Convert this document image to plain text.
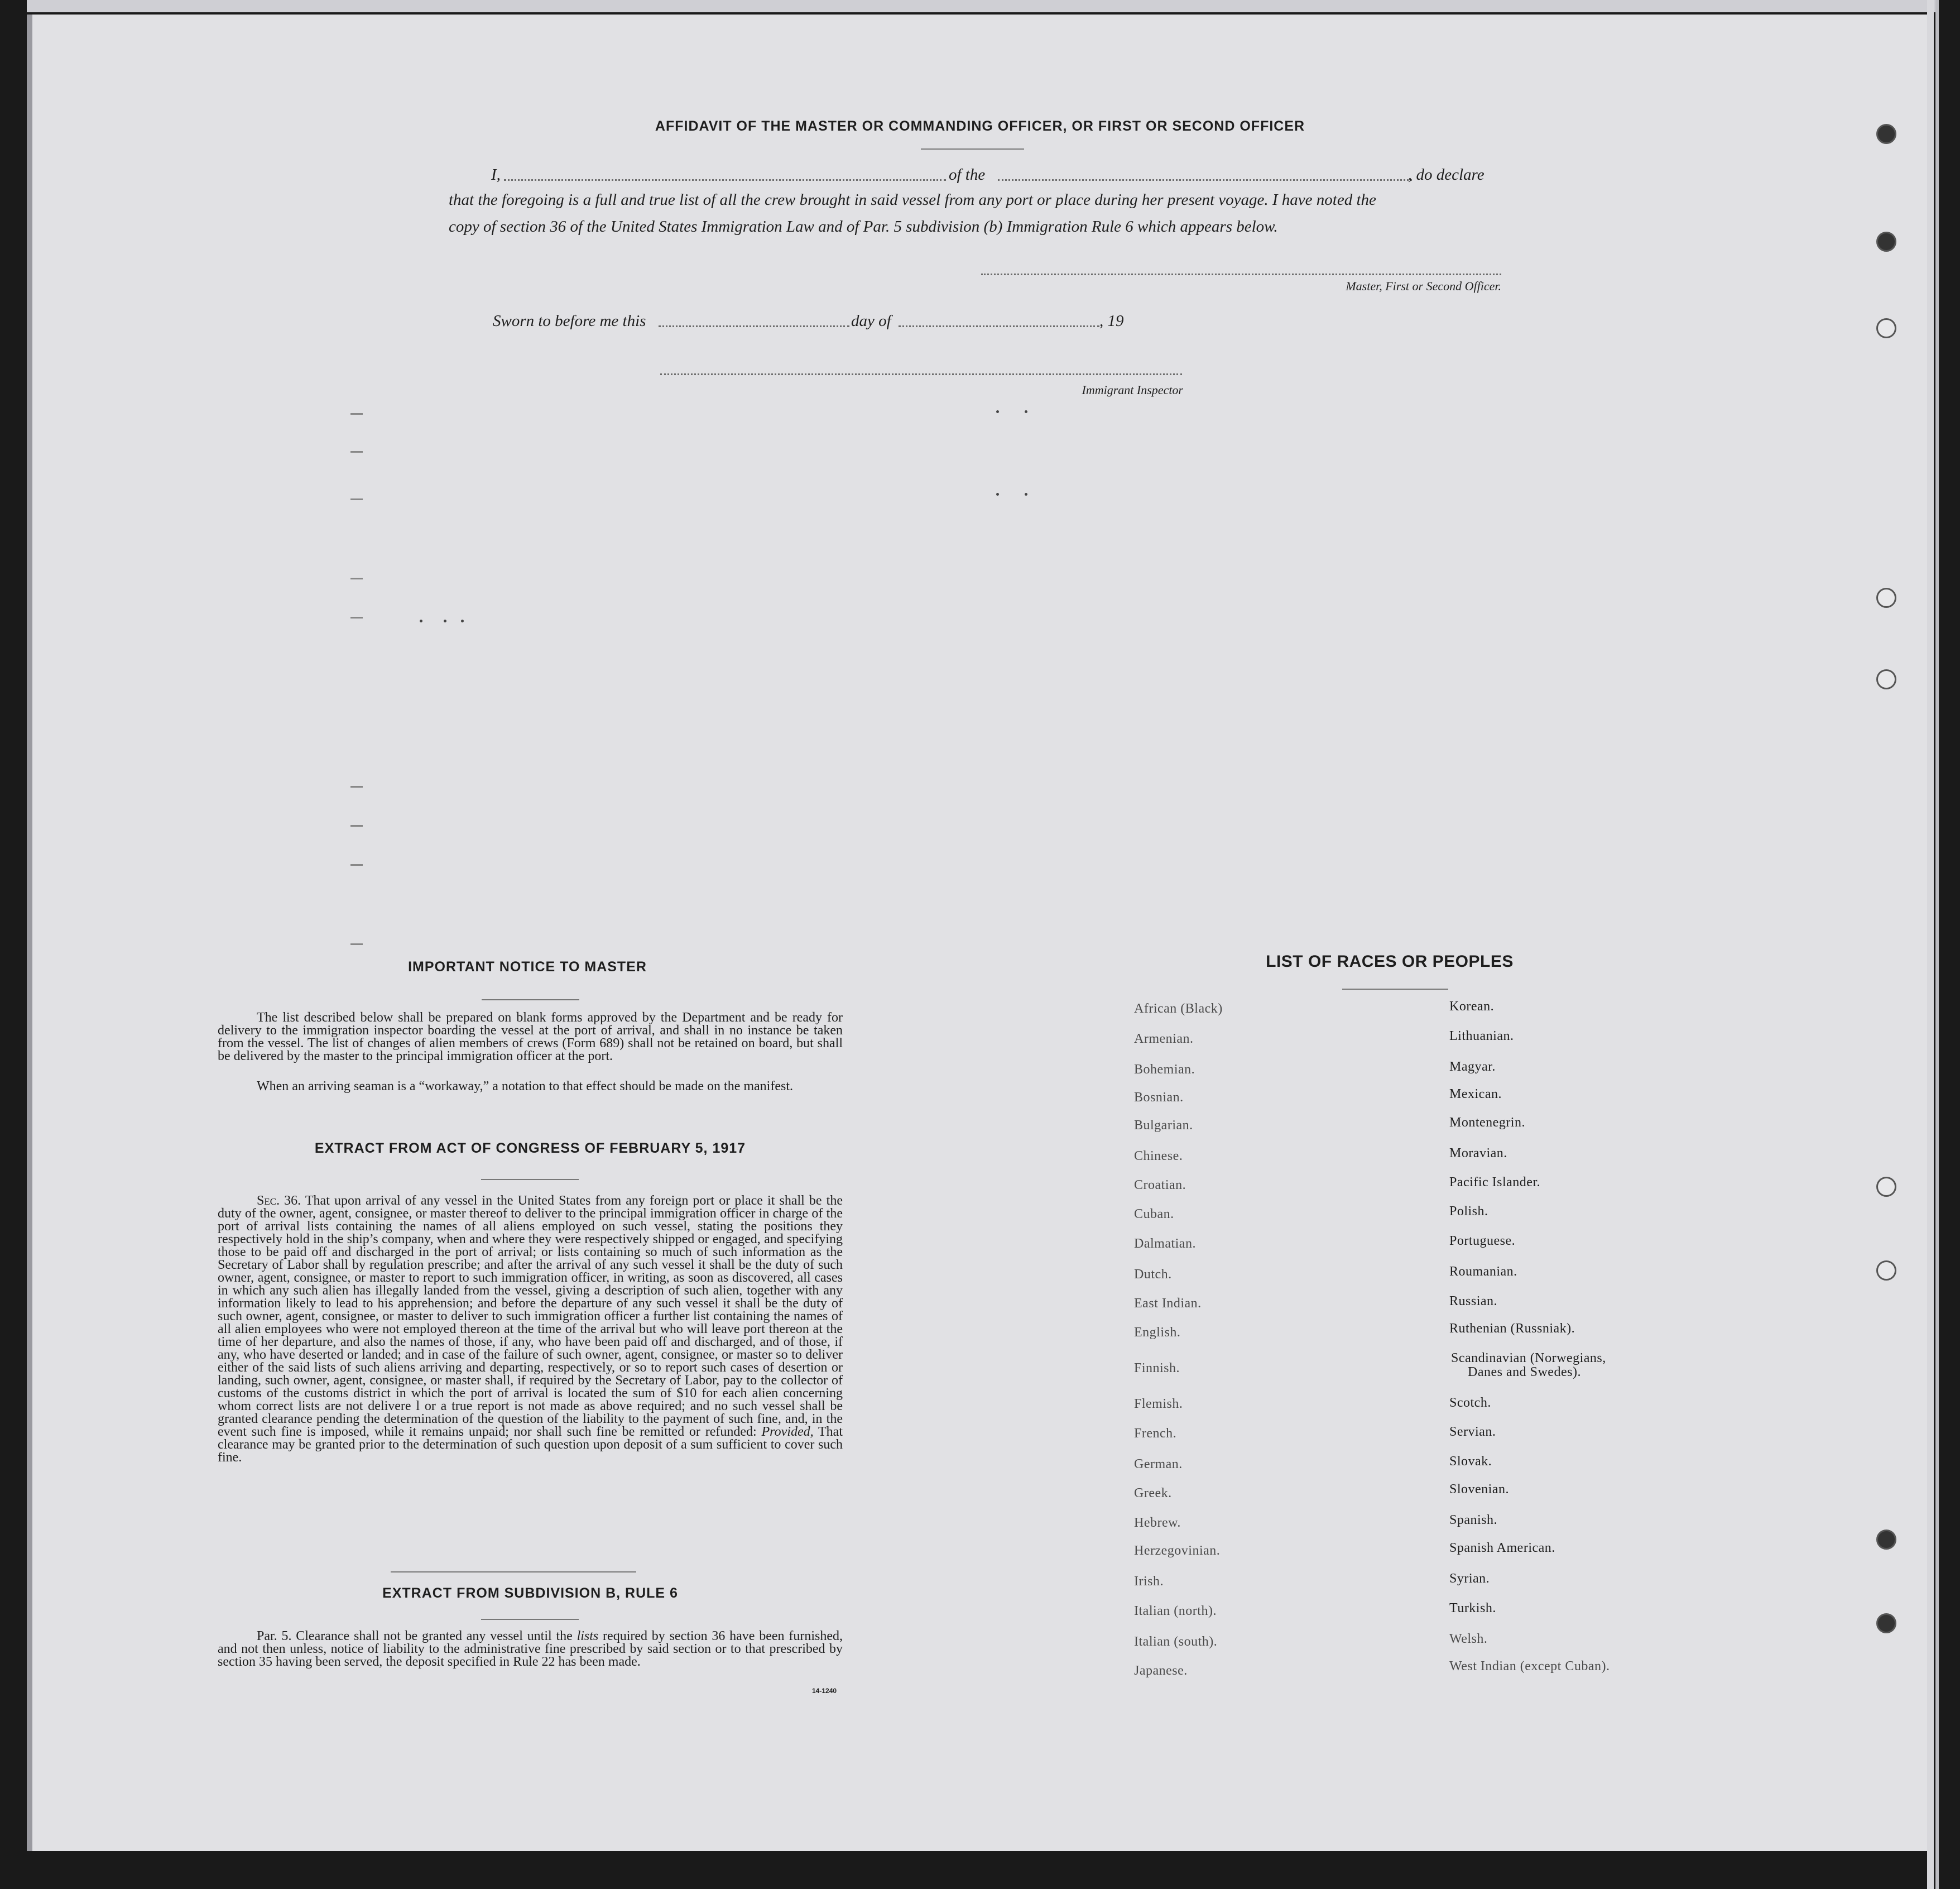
AFFIDAVIT OF THE MASTER OR COMMANDING OFFICER, OR FIRST OR SECOND OFFICER
I,	of the	, do declare
that the foregoing is a full and true list of all the crew brought in said vessel from any port or place during her present voyage. I have noted the
copy of section 36 of the United States Immigration Law and of Par. 5 subdivision (b) Immigration Rule 6 which appears below.
Master, First or Second Officer.
Sworn to before me this	day of	, 19
Immigrant Inspector
IMPORTANT NOTICE TO MASTER
The list described below shall be prepared on blank forms approved by the Department and be ready for delivery to the immigration inspector boarding the vessel at the port of arrival, and shall in no instance be taken from the vessel. The list of changes of alien members of crews (Form 689) shall not be retained on board, but shall be delivered by the master to the principal immigration officer at the port.
When an arriving seaman is a “workaway,” a notation to that effect should be made on the manifest.
EXTRACT FROM ACT OF CONGRESS OF FEBRUARY 5, 1917
Sec. 36. That upon arrival of any vessel in the United States from any foreign port or place it shall be the duty of the owner, agent, consignee, or master thereof to deliver to the principal immigration officer in charge of the port of arrival lists containing the names of all aliens employed on such vessel, stating the positions they respectively hold in the ship’s company, when and where they were respectively shipped or engaged, and specifying those to be paid off and discharged in the port of arrival; or lists containing so much of such information as the Secretary of Labor shall by regulation prescribe; and after the arrival of any such vessel it shall be the duty of such owner, agent, consignee, or master to report to such immigration officer, in writing, as soon as discovered, all cases in which any such alien has illegally landed from the vessel, giving a description of such alien, together with any information likely to lead to his apprehension; and before the departure of any such vessel it shall be the duty of such owner, agent, consignee, or master to deliver to such immigration officer a further list containing the names of all alien employees who were not employed thereon at the time of the arrival but who will leave port thereon at the time of her departure, and also the names of those, if any, who have been paid off and discharged, and of those, if any, who have deserted or landed; and in case of the failure of such owner, agent, consignee, or master so to deliver either of the said lists of such aliens arriving and departing, respectively, or so to report such cases of desertion or landing, such owner, agent, consignee, or master shall, if required by the Secretary of Labor, pay to the collector of customs of the customs district in which the port of arrival is located the sum of $10 for each alien concerning whom correct lists are not delivere l or a true report is not made as above required; and no such vessel shall be granted clearance pending the determination of the question of the liability to the payment of such fine, and, in the event such fine is imposed, while it remains unpaid; nor shall such fine be remitted or refunded: Provided, That clearance may be granted prior to the determination of such question upon deposit of a sum sufficient to cover such fine.
EXTRACT FROM SUBDIVISION B, RULE 6
Par. 5. Clearance shall not be granted any vessel until the lists required by section 36 have been furnished, and not then unless, notice of liability to the administrative fine prescribed by said section or to that prescribed by section 35 having been served, the deposit specified in Rule 22 has been made.
14-1240
LIST OF RACES OR PEOPLES
African (Black)
Armenian.
Bohemian.
Bosnian.
Bulgarian.
Chinese.
Croatian.
Cuban.
Dalmatian.
Dutch.
East Indian.
English.
Finnish.
Flemish.
French.
German.
Greek.
Hebrew.
Herzegovinian.
Irish.
Italian (north).
Italian (south).
Japanese.
Korean.
Lithuanian.
Magyar.
Mexican.
Montenegrin.
Moravian.
Pacific Islander.
Polish.
Portuguese.
Roumanian.
Russian.
Ruthenian (Russniak).
Scandinavian (Norwegians,
Danes and Swedes).
Scotch.
Servian.
Slovak.
Slovenian.
Spanish.
Spanish American.
Syrian.
Turkish.
Welsh.
West Indian (except Cuban).
